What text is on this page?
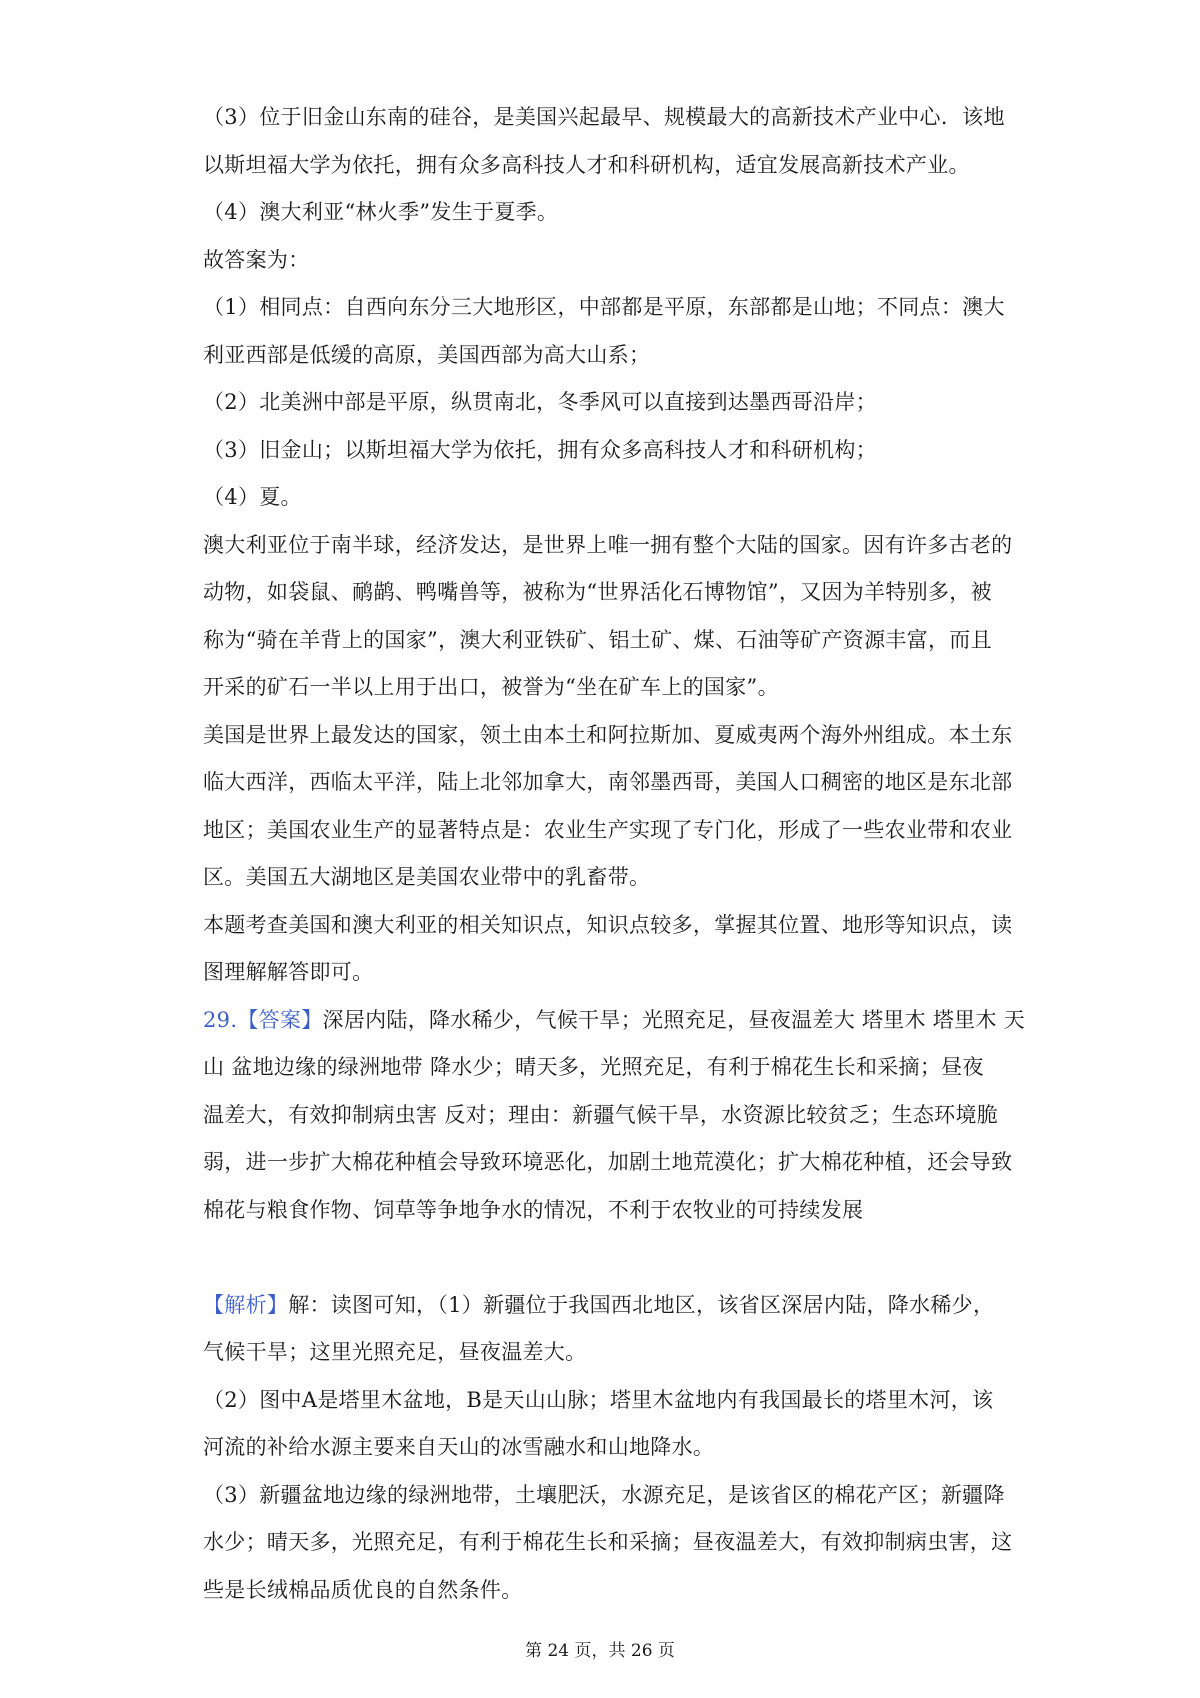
（3）位于旧金山东南的硅谷，是美国兴起最早、规模最大的高新技术产业中心．该地
以斯坦福大学为依托，拥有众多高科技人才和科研机构，适宜发展高新技术产业。

（4）澳大利亚“林火季”发生于夏季。

故答案为：

（1）相同点：自西向东分三大地形区，中部都是平原，东部都是山地；不同点：澳大
利亚西部是低缓的高原，美国西部为高大山系；

（2）北美洲中部是平原，纵贯南北，冬季风可以直接到达墨西哥沿岸；

（3）旧金山；以斯坦福大学为依托，拥有众多高科技人才和科研机构；

（4）夏。

澳大利亚位于南半球，经济发达，是世界上唯一拥有整个大陆的国家。因有许多古老的
动物，如袋鼠、鸸鹋、鸭嘴兽等，被称为“世界活化石博物馆”，又因为羊特别多，被
称为“骑在羊背上的国家”，澳大利亚铁矿、铝土矿、煤、石油等矿产资源丰富，而且
开采的矿石一半以上用于出口，被誉为“坐在矿车上的国家”。

美国是世界上最发达的国家，领土由本土和阿拉斯加、夏威夷两个海外州组成。本土东
临大西洋，西临太平洋，陆上北邻加拿大，南邻墨西哥，美国人口稠密的地区是东北部
地区；美国农业生产的显著特点是：农业生产实现了专门化，形成了一些农业带和农业
区。美国五大湖地区是美国农业带中的乳畜带。

本题考查美国和澳大利亚的相关知识点，知识点较多，掌握其位置、地形等知识点，读
图理解解答即可。

29.【答案】深居内陆，降水稀少，气候干旱；光照充足，昼夜温差大 塔里木 塔里木 天
山 盆地边缘的绿洲地带 降水少；晴天多，光照充足，有利于棉花生长和采摘；昼夜
温差大，有效抑制病虫害 反对；理由：新疆气候干旱，水资源比较贫乏；生态环境脆
弱，进一步扩大棉花种植会导致环境恶化，加剧土地荒漠化；扩大棉花种植，还会导致
棉花与粮食作物、饲草等争地争水的情况，不利于农牧业的可持续发展

【解析】解：读图可知，（1）新疆位于我国西北地区，该省区深居内陆，降水稀少，
气候干旱；这里光照充足，昼夜温差大。

（2）图中A是塔里木盆地，B是天山山脉；塔里木盆地内有我国最长的塔里木河，该
河流的补给水源主要来自天山的冰雪融水和山地降水。

（3）新疆盆地边缘的绿洲地带，土壤肥沃，水源充足，是该省区的棉花产区；新疆降
水少；晴天多，光照充足，有利于棉花生长和采摘；昼夜温差大，有效抑制病虫害，这
些是长绒棉品质优良的自然条件。

第 24 页，共 26 页
